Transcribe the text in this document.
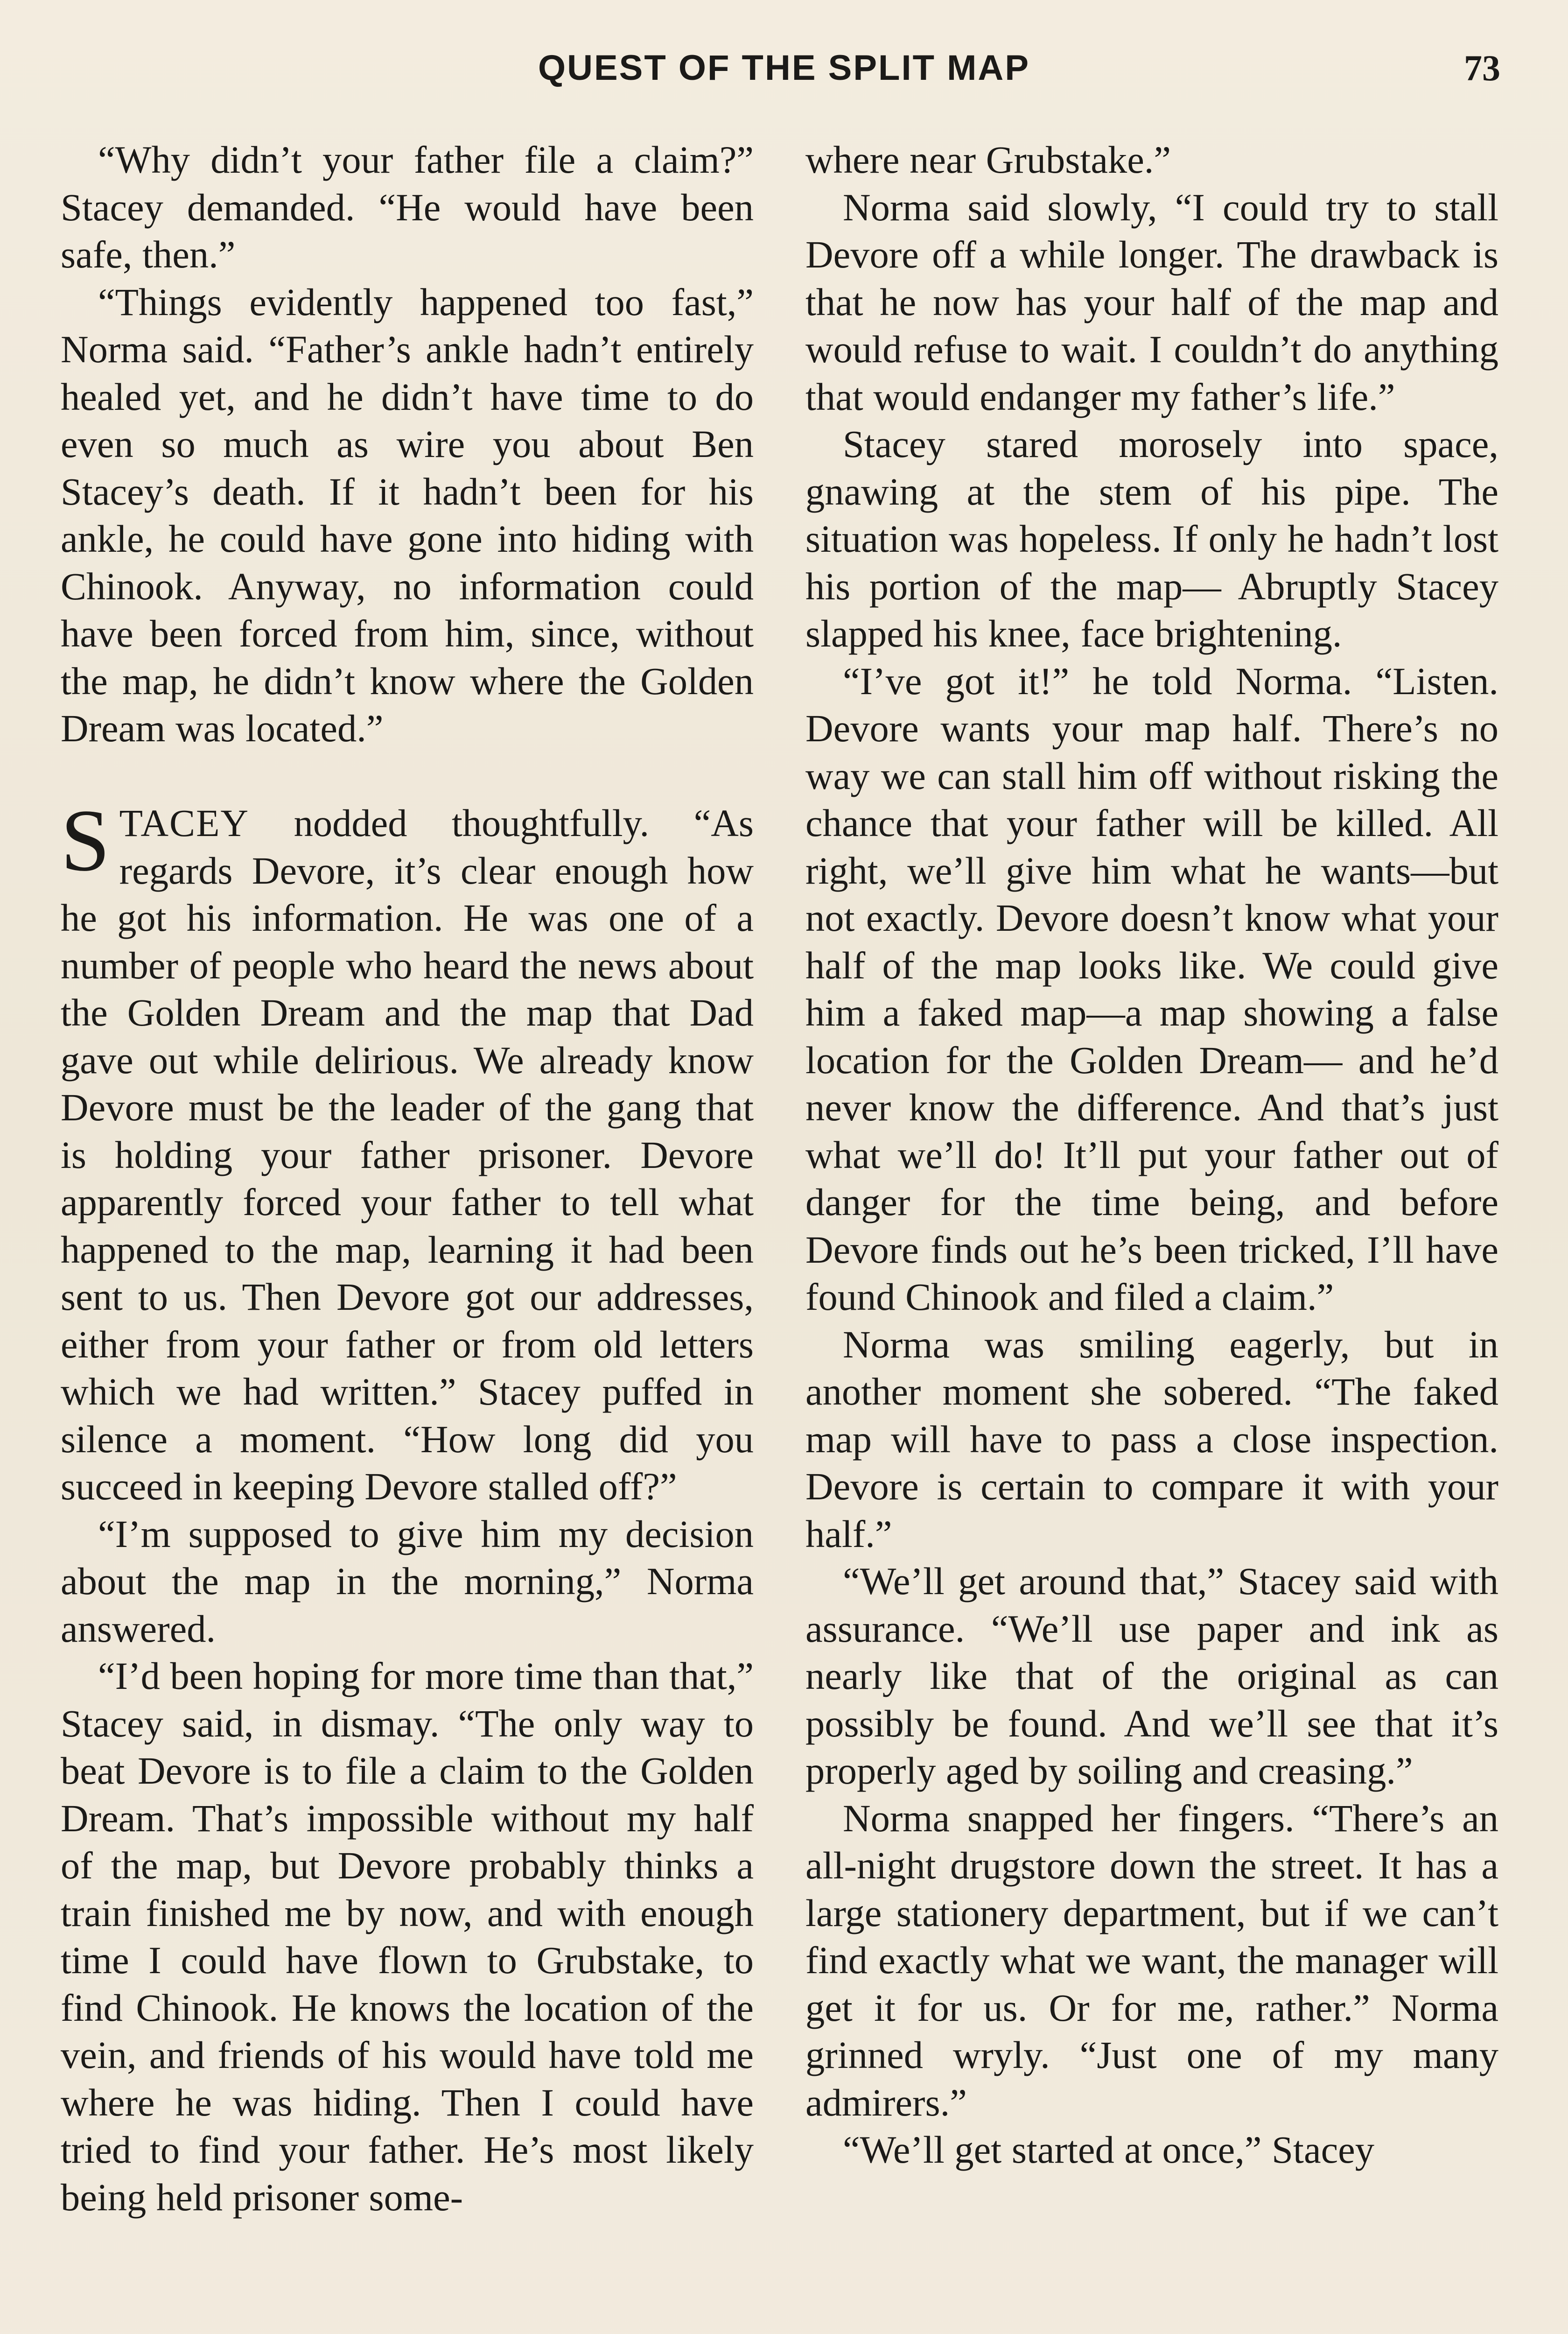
QUEST OF THE SPLIT MAP	73

“Why didn’t your father file a claim?” Stacey demanded. “He would have been safe, then.”

“Things evidently happened too fast,” Norma said. “Father’s ankle hadn’t entirely healed yet, and he didn’t have time to do even so much as wire you about Ben Stacey’s death. If it hadn’t been for his ankle, he could have gone into hiding with Chinook. Anyway, no information could have been forced from him, since, without the map, he didn’t know where the Golden Dream was located.”

STACEY nodded thoughtfully. “As regards Devore, it’s clear enough how he got his information. He was one of a number of people who heard the news about the Golden Dream and the map that Dad gave out while delirious. We already know Devore must be the leader of the gang that is holding your father prisoner. Devore apparently forced your father to tell what happened to the map, learning it had been sent to us. Then Devore got our addresses, either from your father or from old letters which we had written.” Stacey puffed in silence a moment. “How long did you succeed in keeping Devore stalled off?”

“I’m supposed to give him my decision about the map in the morning,” Norma answered.

“I’d been hoping for more time than that,” Stacey said, in dismay. “The only way to beat Devore is to file a claim to the Golden Dream. That’s impossible without my half of the map, but Devore probably thinks a train finished me by now, and with enough time I could have flown to Grubstake, to find Chinook. He knows the location of the vein, and friends of his would have told me where he was hiding. Then I could have tried to find your father. He’s most likely being held prisoner some-

where near Grubstake.”

Norma said slowly, “I could try to stall Devore off a while longer. The drawback is that he now has your half of the map and would refuse to wait. I couldn’t do anything that would endanger my father’s life.”

Stacey stared morosely into space, gnawing at the stem of his pipe. The situation was hopeless. If only he hadn’t lost his portion of the map— Abruptly Stacey slapped his knee, face brightening.

“I’ve got it!” he told Norma. “Listen. Devore wants your map half. There’s no way we can stall him off without risking the chance that your father will be killed. All right, we’ll give him what he wants—but not exactly. Devore doesn’t know what your half of the map looks like. We could give him a faked map—a map showing a false location for the Golden Dream— and he’d never know the difference. And that’s just what we’ll do! It’ll put your father out of danger for the time being, and before Devore finds out he’s been tricked, I’ll have found Chinook and filed a claim.”

Norma was smiling eagerly, but in another moment she sobered. “The faked map will have to pass a close inspection. Devore is certain to compare it with your half.”

“We’ll get around that,” Stacey said with assurance. “We’ll use paper and ink as nearly like that of the original as can possibly be found. And we’ll see that it’s properly aged by soiling and creasing.”

Norma snapped her fingers. “There’s an all-night drugstore down the street. It has a large stationery department, but if we can’t find exactly what we want, the manager will get it for us. Or for me, rather.” Norma grinned wryly. “Just one of my many admirers.”

“We’ll get started at once,” Stacey
